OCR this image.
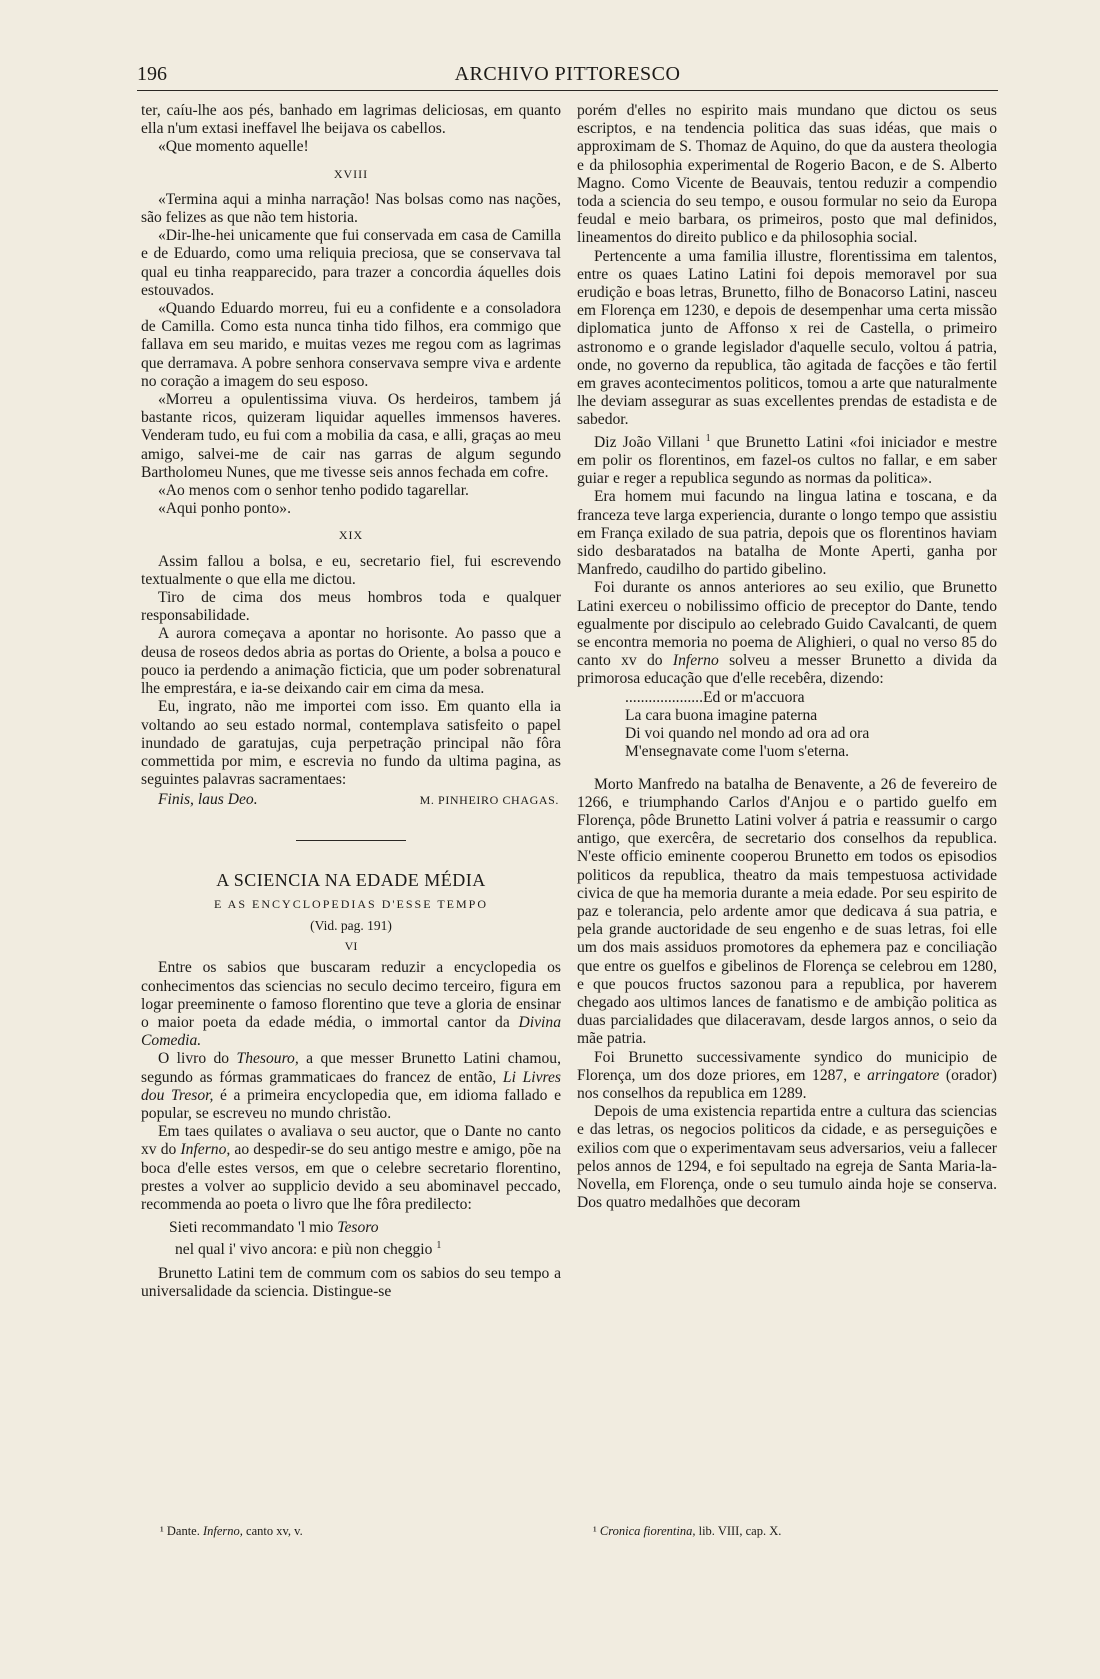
196	ARCHIVO PITTORESCO

ter, caíu-lhe aos pés, banhado em lagrimas deliciosas, em quanto ella n'um extasi ineffavel lhe beijava os cabellos.

«Que momento aquelle!

XVIII

«Termina aqui a minha narração! Nas bolsas como nas nações, são felizes as que não tem historia.

«Dir-lhe-hei unicamente que fui conservada em casa de Camilla e de Eduardo, como uma reliquia preciosa, que se conservava tal qual eu tinha reapparecido, para trazer a concordia áquelles dois estouvados.

«Quando Eduardo morreu, fui eu a confidente e a consoladora de Camilla. Como esta nunca tinha tido filhos, era commigo que fallava em seu marido, e muitas vezes me regou com as lagrimas que derramava. A pobre senhora conservava sempre viva e ardente no coração a imagem do seu esposo.

«Morreu a opulentissima viuva. Os herdeiros, tambem já bastante ricos, quizeram liquidar aquelles immensos haveres. Venderam tudo, eu fui com a mobilia da casa, e alli, graças ao meu amigo, salvei-me de cair nas garras de algum segundo Bartholomeu Nunes, que me tivesse seis annos fechada em cofre.

«Ao menos com o senhor tenho podido tagarellar.

«Aqui ponho ponto».

XIX

Assim fallou a bolsa, e eu, secretario fiel, fui escrevendo textualmente o que ella me dictou.

Tiro de cima dos meus hombros toda e qualquer responsabilidade.

A aurora começava a apontar no horisonte. Ao passo que a deusa de roseos dedos abria as portas do Oriente, a bolsa a pouco e pouco ia perdendo a animação ficticia, que um poder sobrenatural lhe emprestára, e ia-se deixando cair em cima da mesa.

Eu, ingrato, não me importei com isso. Em quanto ella ia voltando ao seu estado normal, contemplava satisfeito o papel inundado de garatujas, cuja perpetração principal não fôra commettida por mim, e escrevia no fundo da ultima pagina, as seguintes palavras sacramentaes:

Finis, laus Deo.	M. PINHEIRO CHAGAS.
A SCIENCIA NA EDADE MÉDIA
E AS ENCYCLOPEDIAS D'ESSE TEMPO
(Vid. pag. 191)
VI

Entre os sabios que buscaram reduzir a encyclopedia os conhecimentos das sciencias no seculo decimo terceiro, figura em logar preeminente o famoso florentino que teve a gloria de ensinar o maior poeta da edade média, o immortal cantor da Divina Comedia.

O livro do Thesouro, a que messer Brunetto Latini chamou, segundo as fórmas grammaticaes do francez de então, Li Livres dou Tresor, é a primeira encyclopedia que, em idioma fallado e popular, se escreveu no mundo christão.

Em taes quilates o avaliava o seu auctor, que o Dante no canto xv do Inferno, ao despedir-se do seu antigo mestre e amigo, põe na boca d'elle estes versos, em que o celebre secretario florentino, prestes a volver ao supplicio devido a seu abominavel peccado, recommenda ao poeta o livro que lhe fôra predilecto:

Sieti recommandato 'l mio Tesoro
nel qual i' vivo ancora: e più non cheggio $^1$

Brunetto Latini tem de commum com os sabios do seu tempo a universalidade da sciencia. Distingue-se

¹ Dante. Inferno, canto xv, v.

porém d'elles no espirito mais mundano que dictou os seus escriptos, e na tendencia politica das suas idéas, que mais o approximam de S. Thomaz de Aquino, do que da austera theologia e da philosophia experimental de Rogerio Bacon, e de S. Alberto Magno. Como Vicente de Beauvais, tentou reduzir a compendio toda a sciencia do seu tempo, e ousou formular no seio da Europa feudal e meio barbara, os primeiros, posto que mal definidos, lineamentos do direito publico e da philosophia social.

Pertencente a uma familia illustre, florentissima em talentos, entre os quaes Latino Latini foi depois memoravel por sua erudição e boas letras, Brunetto, filho de Bonacorso Latini, nasceu em Florença em 1230, e depois de desempenhar uma certa missão diplomatica junto de Affonso x rei de Castella, o primeiro astronomo e o grande legislador d'aquelle seculo, voltou á patria, onde, no governo da republica, tão agitada de facções e tão fertil em graves acontecimentos politicos, tomou a arte que naturalmente lhe deviam assegurar as suas excellentes prendas de estadista e de sabedor.

Diz João Villani $^1$ que Brunetto Latini «foi iniciador e mestre em polir os florentinos, em fazel-os cultos no fallar, e em saber guiar e reger a republica segundo as normas da politica».

Era homem mui facundo na lingua latina e toscana, e da franceza teve larga experiencia, durante o longo tempo que assistiu em França exilado de sua patria, depois que os florentinos haviam sido desbaratados na batalha de Monte Aperti, ganha por Manfredo, caudilho do partido gibelino.

Foi durante os annos anteriores ao seu exilio, que Brunetto Latini exerceu o nobilissimo officio de preceptor do Dante, tendo egualmente por discipulo ao celebrado Guido Cavalcanti, de quem se encontra memoria no poema de Alighieri, o qual no verso 85 do canto xv do Inferno solveu a messer Brunetto a divida da primorosa educação que d'elle recebêra, dizendo:

....................Ed or m'accuora
La cara buona imagine paterna
Di voi quando nel mondo ad ora ad ora
M'ensegnavate come l'uom s'eterna.

Morto Manfredo na batalha de Benavente, a 26 de fevereiro de 1266, e triumphando Carlos d'Anjou e o partido guelfo em Florença, pôde Brunetto Latini volver á patria e reassumir o cargo antigo, que exercêra, de secretario dos conselhos da republica. N'este officio eminente cooperou Brunetto em todos os episodios politicos da republica, theatro da mais tempestuosa actividade civica de que ha memoria durante a meia edade. Por seu espirito de paz e tolerancia, pelo ardente amor que dedicava á sua patria, e pela grande auctoridade de seu engenho e de suas letras, foi elle um dos mais assiduos promotores da ephemera paz e conciliação que entre os guelfos e gibelinos de Florença se celebrou em 1280, e que poucos fructos sazonou para a republica, por haverem chegado aos ultimos lances de fanatismo e de ambição politica as duas parcialidades que dilaceravam, desde largos annos, o seio da mãe patria.

Foi Brunetto successivamente syndico do municipio de Florença, um dos doze priores, em 1287, e arringatore (orador) nos conselhos da republica em 1289.

Depois de uma existencia repartida entre a cultura das sciencias e das letras, os negocios politicos da cidade, e as perseguições e exilios com que o experimentavam seus adversarios, veiu a fallecer pelos annos de 1294, e foi sepultado na egreja de Santa Maria-la-Novella, em Florença, onde o seu tumulo ainda hoje se conserva. Dos quatro medalhões que decoram

¹ Cronica fiorentina, lib. VIII, cap. X.
